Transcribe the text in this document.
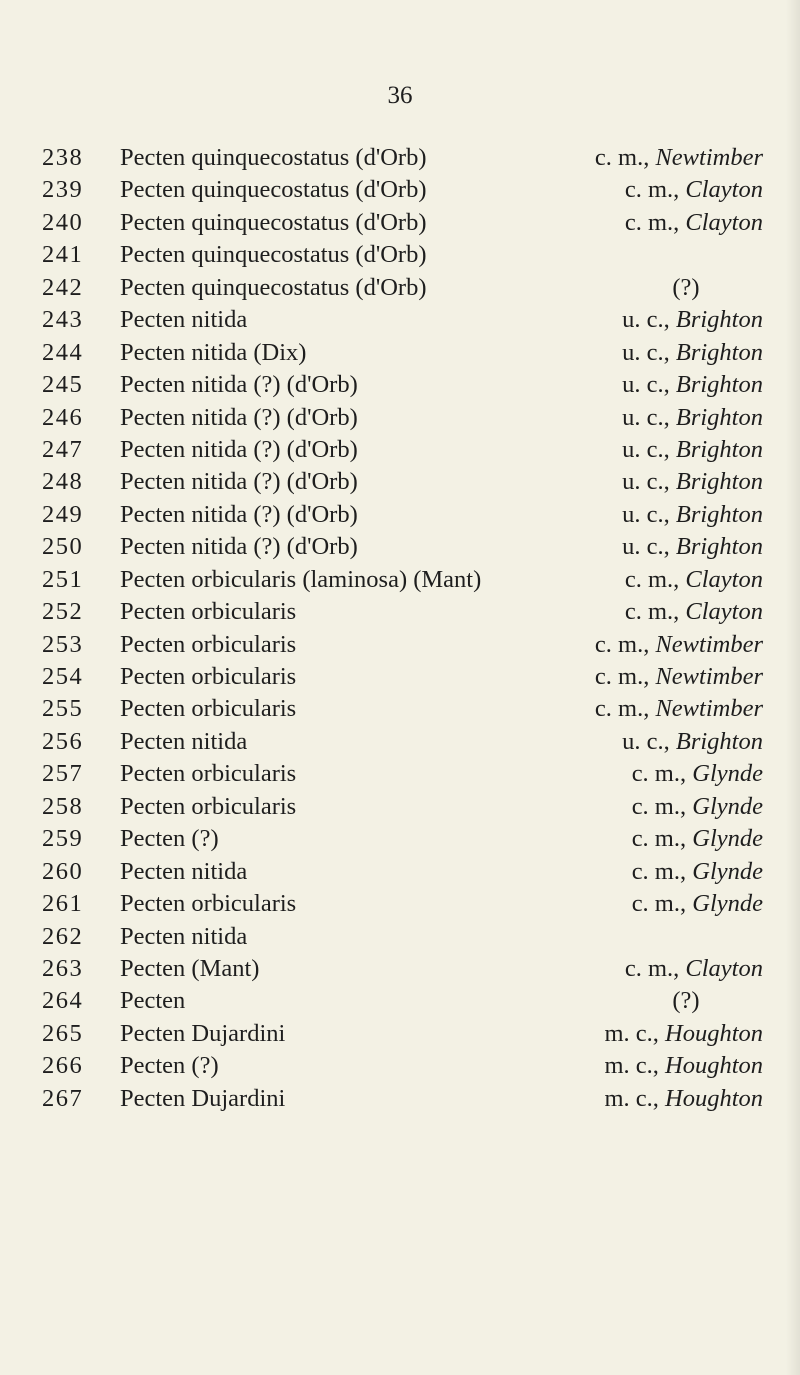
36
238 Pecten quinquecostatus (d'Orb)	c. m., Newtimber
239 Pecten quinquecostatus (d'Orb)	c. m., Clayton
240 Pecten quinquecostatus (d'Orb)	c. m., Clayton
241 Pecten quinquecostatus (d'Orb)
242 Pecten quinquecostatus (d'Orb)	(?)
243 Pecten nitida	u. c., Brighton
244 Pecten nitida (Dix)	u. c., Brighton
245 Pecten nitida (?) (d'Orb)	u. c., Brighton
246 Pecten nitida (?) (d'Orb)	u. c., Brighton
247 Pecten nitida (?) (d'Orb)	u. c., Brighton
248 Pecten nitida (?) (d'Orb)	u. c., Brighton
249 Pecten nitida (?) (d'Orb)	u. c., Brighton
250 Pecten nitida (?) (d'Orb)	u. c., Brighton
251 Pecten orbicularis (laminosa) (Mant)	c. m., Clayton
252 Pecten orbicularis	c. m., Clayton
253 Pecten orbicularis	c. m., Newtimber
254 Pecten orbicularis	c. m., Newtimber
255 Pecten orbicularis	c. m., Newtimber
256 Pecten nitida	u. c., Brighton
257 Pecten orbicularis	c. m., Glynde
258 Pecten orbicularis	c. m., Glynde
259 Pecten (?)	c. m., Glynde
260 Pecten nitida	c. m., Glynde
261 Pecten orbicularis	c. m., Glynde
262 Pecten nitida
263 Pecten (Mant)	c. m., Clayton
264 Pecten	(?)
265 Pecten Dujardini	m. c., Houghton
266 Pecten (?)	m. c., Houghton
267 Pecten Dujardini	m. c., Houghton
